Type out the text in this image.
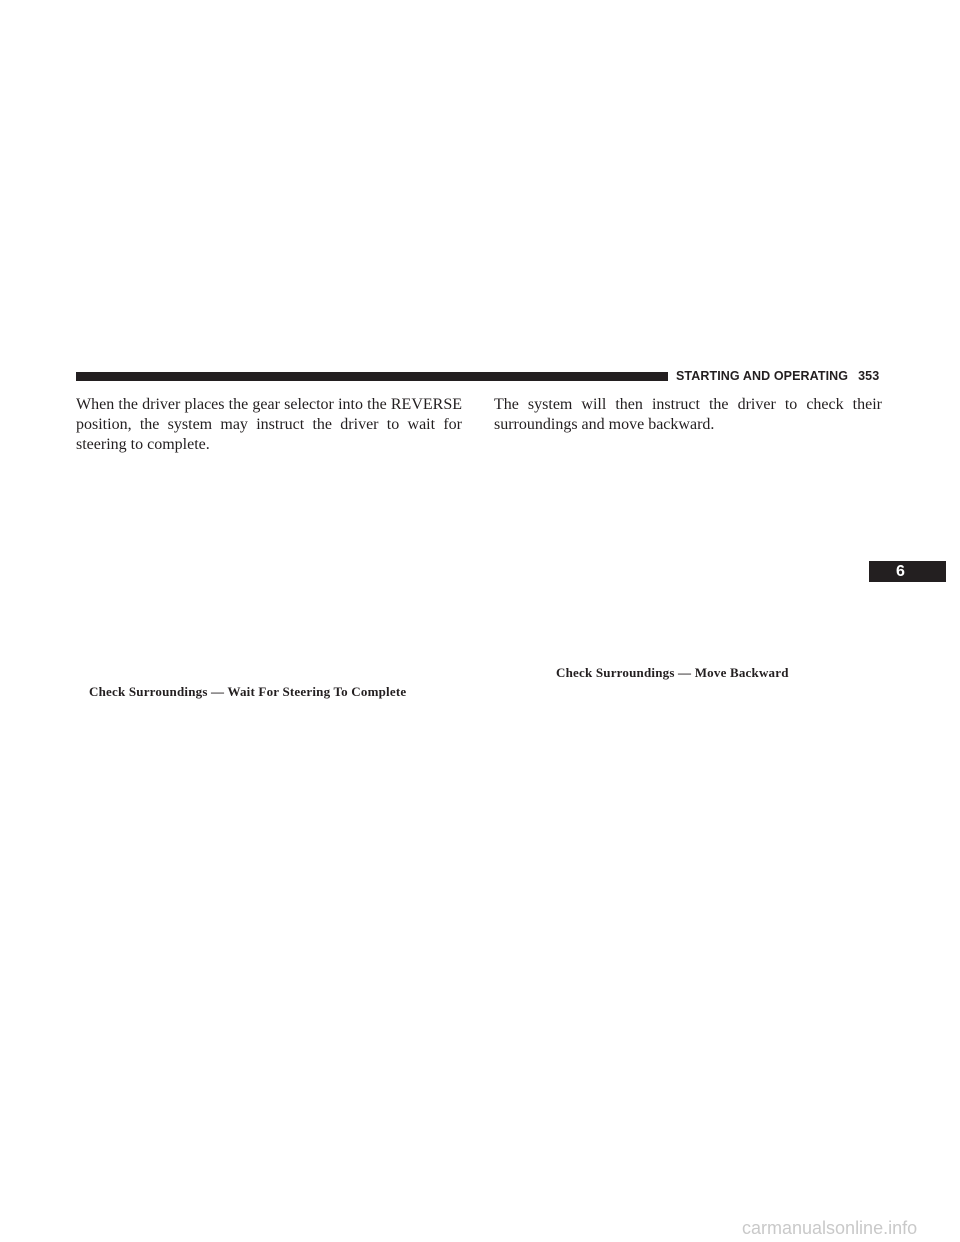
STARTING AND OPERATING 353

When the driver places the gear selector into the REVERSE position, the system may instruct the driver to wait for steering to complete.

The system will then instruct the driver to check their surroundings and move backward.

Check Surroundings — Wait For Steering To Complete
Check Surroundings — Move Backward
6
carmanualsonline.info
